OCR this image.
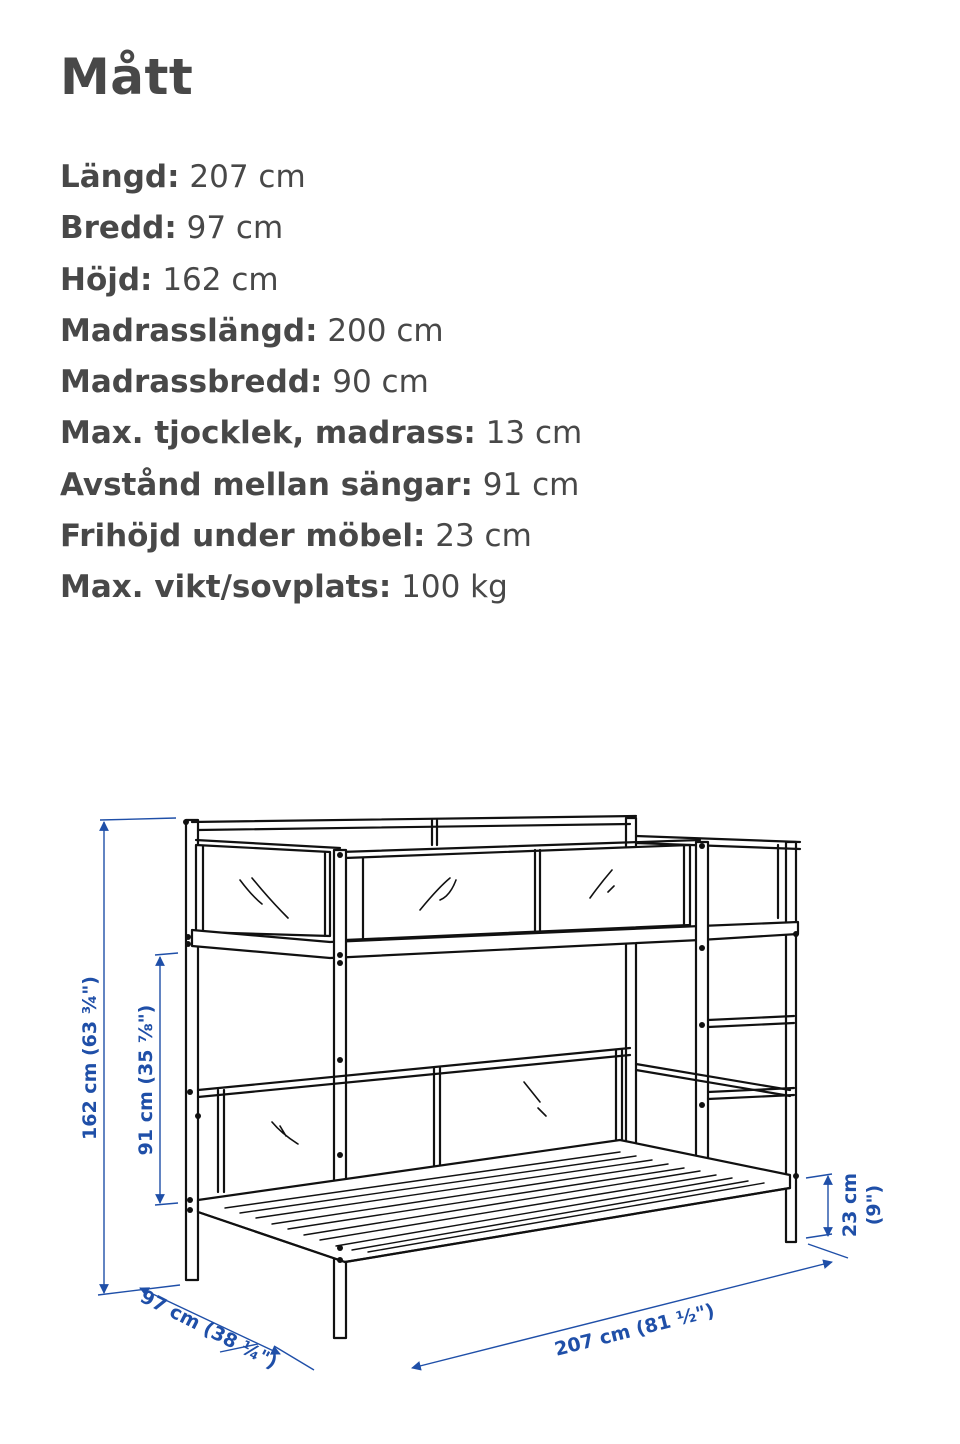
Mått
Längd: 207 cm
Bredd: 97 cm
Höjd: 162 cm
Madrasslängd: 200 cm
Madrassbredd: 90 cm
Max. tjocklek, madrass: 13 cm
Avstånd mellan sängar: 91 cm
Frihöjd under möbel: 23 cm
Max. vikt/sovplats: 100 kg
162 cm (63 ¾") 91 cm (35 ⅞")
97 cm (38 ¼")	207 cm (81 ½")
23 cm (9")
